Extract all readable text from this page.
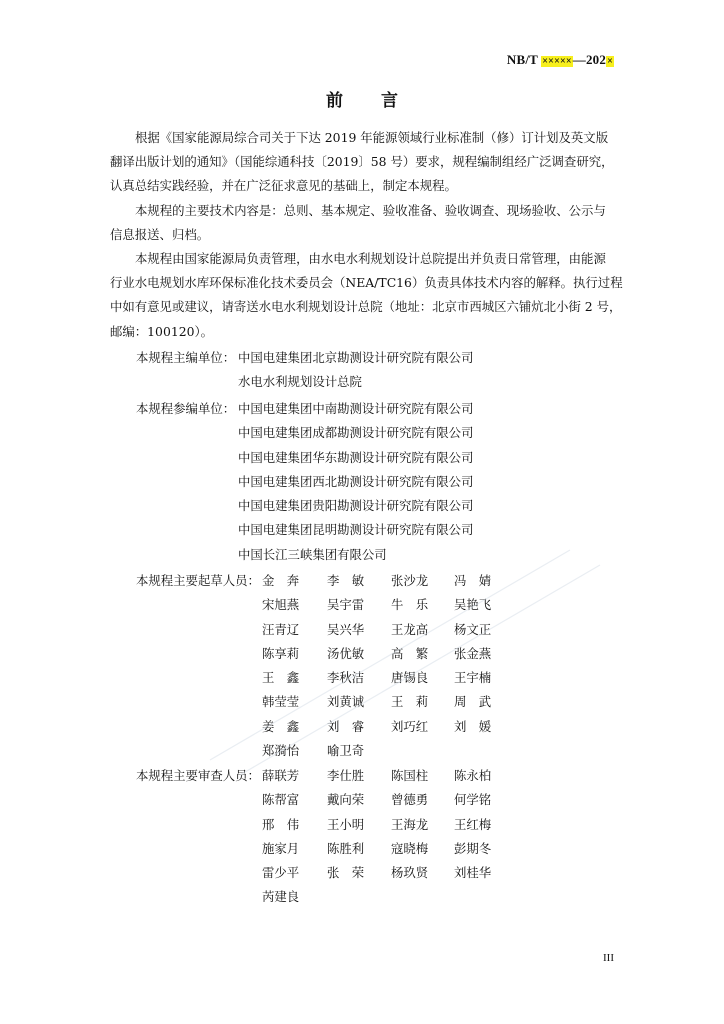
NB/T ×××××—202×
前言

根据《国家能源局综合司关于下达 2019 年能源领域行业标准制（修）订计划及英文版
翻译出版计划的通知》（国能综通科技〔2019〕58 号）要求，规程编制组经广泛调查研究，
认真总结实践经验，并在广泛征求意见的基础上，制定本规程。

本规程的主要技术内容是：总则、基本规定、验收准备、验收调查、现场验收、公示与
信息报送、归档。

本规程由国家能源局负责管理，由水电水利规划设计总院提出并负责日常管理，由能源
行业水电规划水库环保标准化技术委员会（NEA/TC16）负责具体技术内容的解释。执行过程
中如有意见或建议，请寄送水电水利规划设计总院（地址：北京市西城区六铺炕北小街 2 号，
邮编：100120）。

本规程主编单位： 中国电建集团北京勘测设计研究院有限公司
水电水利规划设计总院
本规程参编单位： 中国电建集团中南勘测设计研究院有限公司
中国电建集团成都勘测设计研究院有限公司
中国电建集团华东勘测设计研究院有限公司
中国电建集团西北勘测设计研究院有限公司
中国电建集团贵阳勘测设计研究院有限公司
中国电建集团昆明勘测设计研究院有限公司
中国长江三峡集团有限公司
本规程主要起草人员： 金　奔 李　敏 张沙龙 冯　婧
宋旭燕 吴宇雷 牛　乐 吴艳飞
汪青辽 吴兴华 王龙高 杨文正
陈享莉 汤优敏 高　繁 张金燕
王　鑫 李秋洁 唐锡良 王宇楠
韩莹莹 刘黄诚 王　莉 周　武
姜　鑫 刘　睿 刘巧红 刘　媛
郑漪怡 喻卫奇
本规程主要审查人员： 薛联芳 李仕胜 陈国柱 陈永柏
陈帮富 戴向荣 曾德勇 何学铭
邢　伟 王小明 王海龙 王红梅
施家月 陈胜利 寇晓梅 彭期冬
雷少平 张　荣 杨玖贤 刘桂华
芮建良
III
